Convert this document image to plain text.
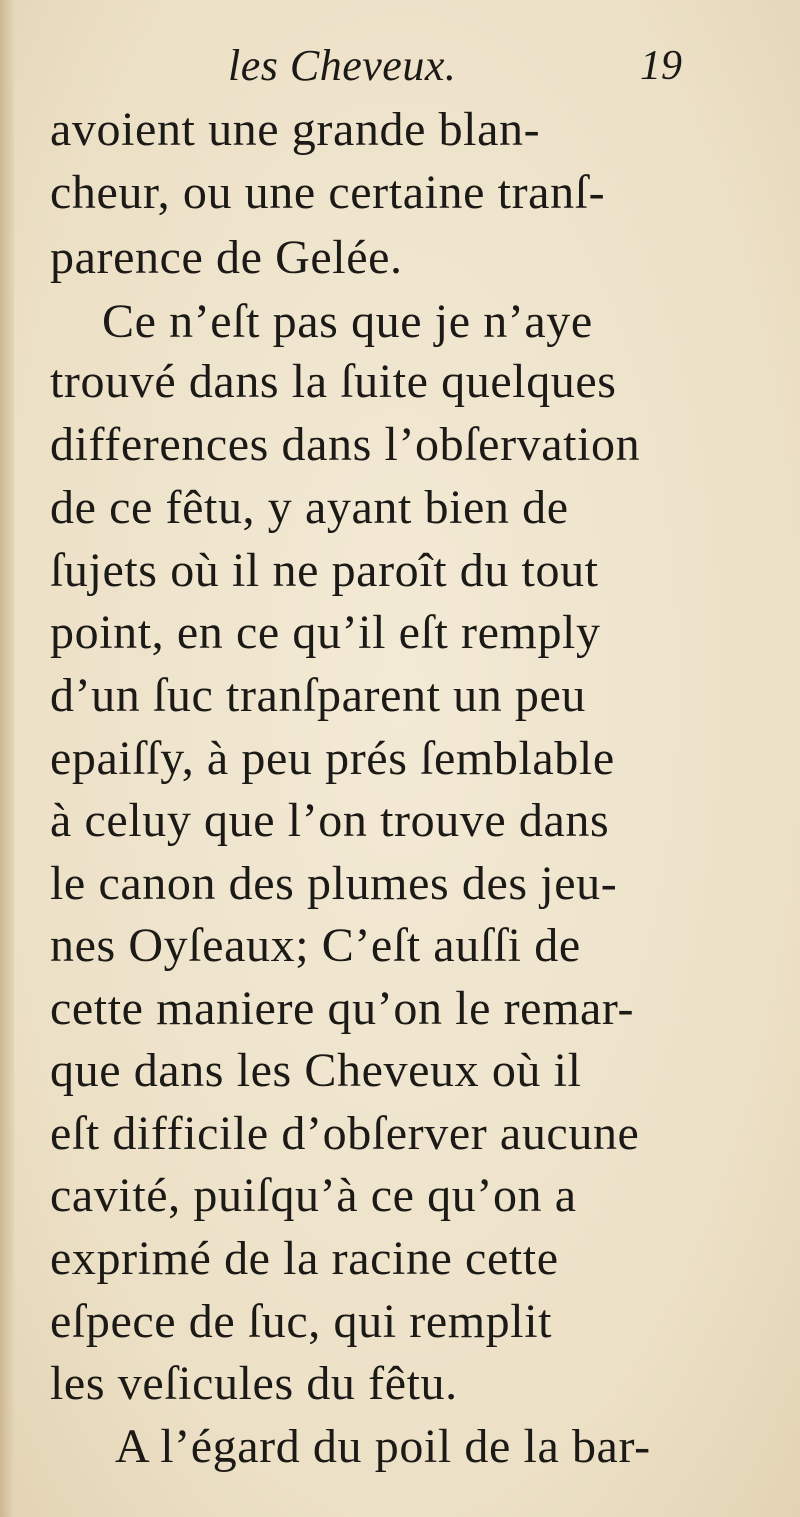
les Cheveux.	19
avoient une grande blan-
cheur, ou une certaine tranſ-
parence de Gelée.
Ce n’eſt pas que je n’aye
trouvé dans la ſuite quelques
differences dans l’obſervation
de ce fêtu, y ayant bien de
ſujets où il ne paroît du tout
point, en ce qu’il eſt remply
d’un ſuc tranſparent un peu
epaiſſy, à peu prés ſemblable
à celuy que l’on trouve dans
le canon des plumes des jeu-
nes Oyſeaux; C’eſt auſſi de
cette maniere qu’on le remar-
que dans les Cheveux où il
eſt difficile d’obſerver aucune
cavité, puiſqu’à ce qu’on a
exprimé de la racine cette
eſpece de ſuc, qui remplit
les veſicules du fêtu.
A l’égard du poil de la bar-
